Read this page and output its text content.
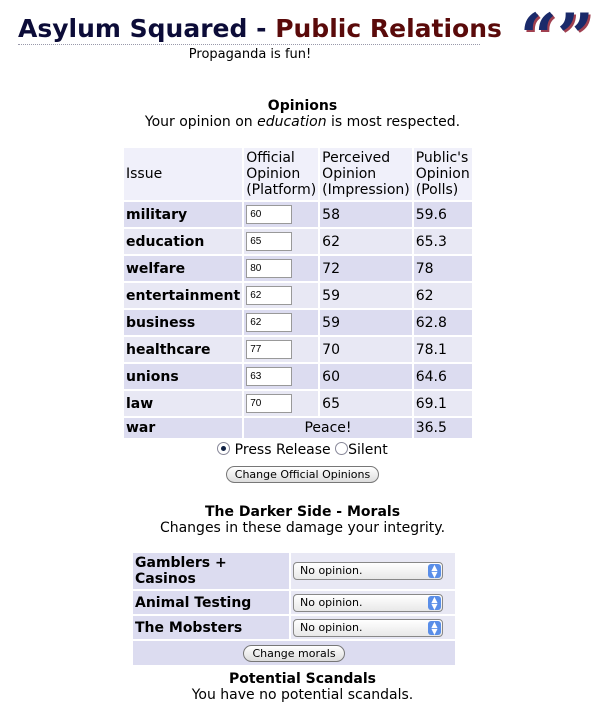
Asylum Squared - Public Relations “”
Propaganda is fun!
Opinions
Your opinion on education is most respected.
Issue	Official Opinion (Platform)	Perceived Opinion (Impression)	Public's Opinion (Polls)
military	60	58	59.6
education	65	62	65.3
welfare	80	72	78
entertainment	62	59	62
business	62	59	62.8
healthcare	77	70	78.1
unions	63	60	64.6
law	70	65	69.1
war	Peace!		36.5
Press Release Silent
Change Official Opinions
The Darker Side - Morals
Changes in these damage your integrity.
Gamblers + Casinos	No opinion. ▲
▼

Animal Testing	No opinion. ▲
▼

The Mobsters	No opinion. ▲
▼

Change morals	
Potential Scandals
You have no potential scandals.
